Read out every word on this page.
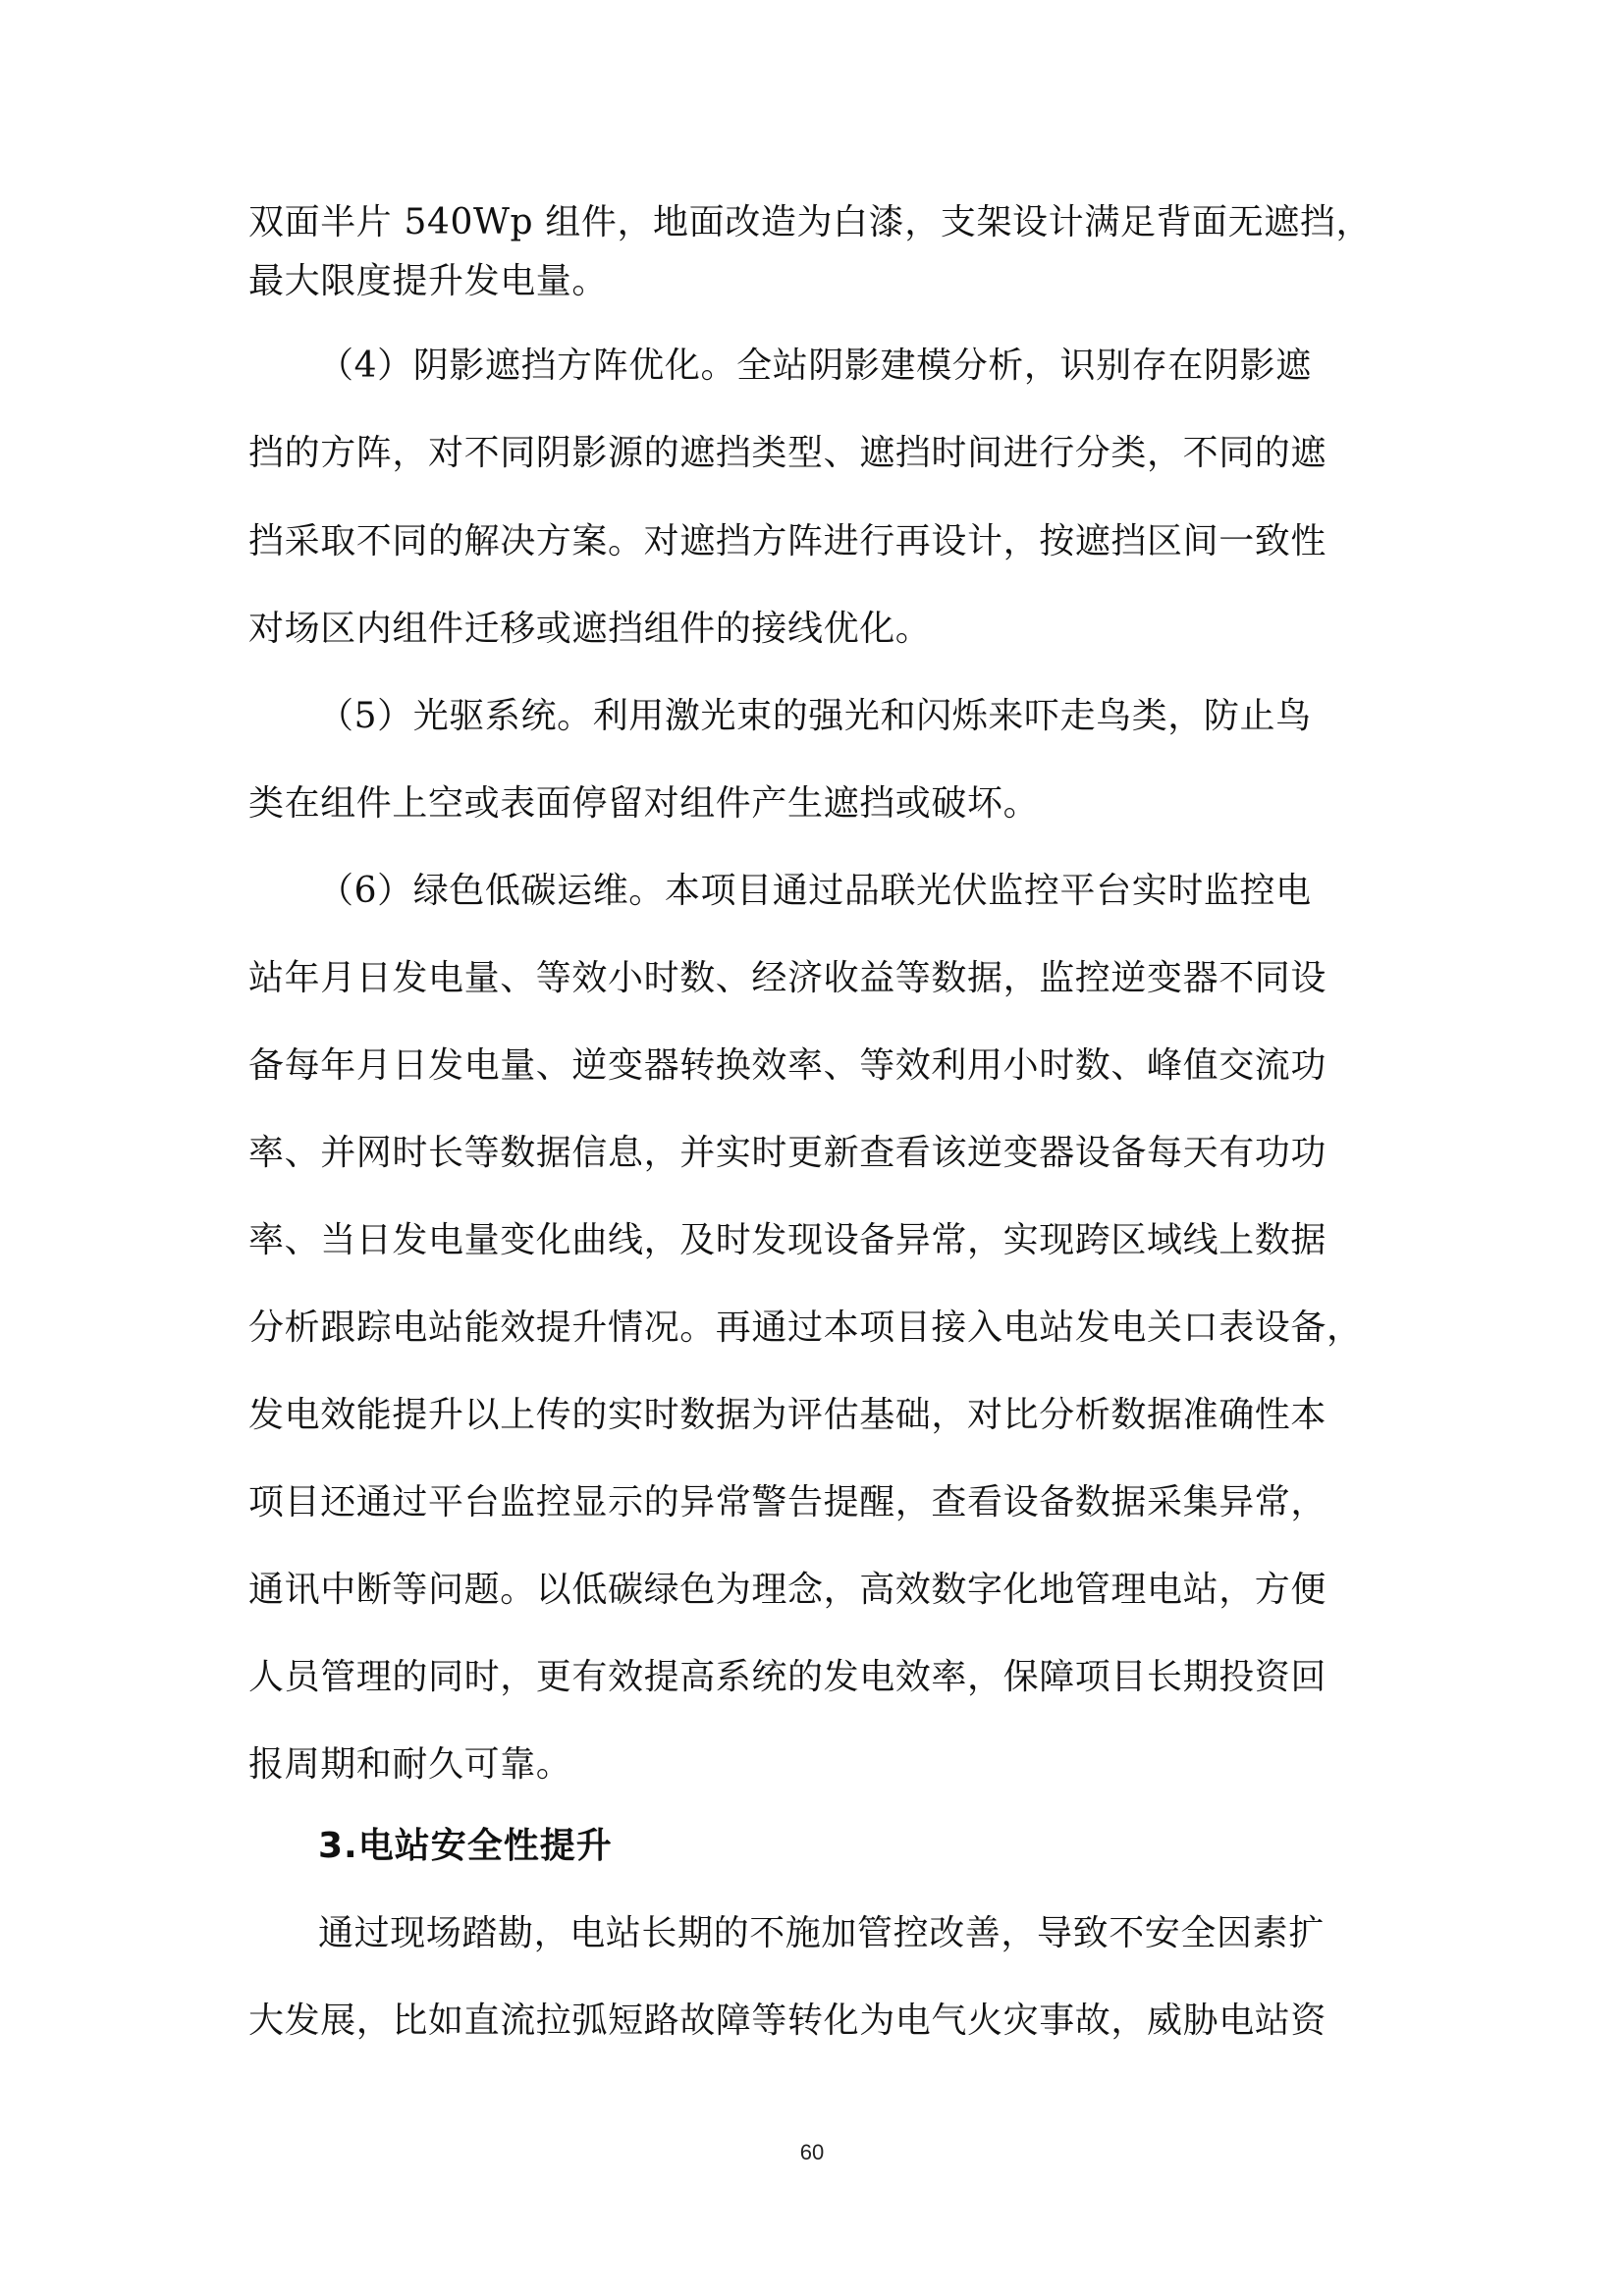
双面半片 540Wp 组件，地面改造为白漆，支架设计满足背面无遮挡，
最大限度提升发电量。
（4）阴影遮挡方阵优化。全站阴影建模分析，识别存在阴影遮
挡的方阵，对不同阴影源的遮挡类型、遮挡时间进行分类，不同的遮
挡采取不同的解决方案。对遮挡方阵进行再设计，按遮挡区间一致性
对场区内组件迁移或遮挡组件的接线优化。
（5）光驱系统。利用激光束的强光和闪烁来吓走鸟类，防止鸟
类在组件上空或表面停留对组件产生遮挡或破坏。
（6）绿色低碳运维。本项目通过品联光伏监控平台实时监控电
站年月日发电量、等效小时数、经济收益等数据，监控逆变器不同设
备每年月日发电量、逆变器转换效率、等效利用小时数、峰值交流功
率、并网时长等数据信息，并实时更新查看该逆变器设备每天有功功
率、当日发电量变化曲线，及时发现设备异常，实现跨区域线上数据
分析跟踪电站能效提升情况。再通过本项目接入电站发电关口表设备，
发电效能提升以上传的实时数据为评估基础，对比分析数据准确性本
项目还通过平台监控显示的异常警告提醒，查看设备数据采集异常，
通讯中断等问题。以低碳绿色为理念，高效数字化地管理电站，方便
人员管理的同时，更有效提高系统的发电效率，保障项目长期投资回
报周期和耐久可靠。
3.电站安全性提升
通过现场踏勘，电站长期的不施加管控改善，导致不安全因素扩
大发展，比如直流拉弧短路故障等转化为电气火灾事故，威胁电站资
60
